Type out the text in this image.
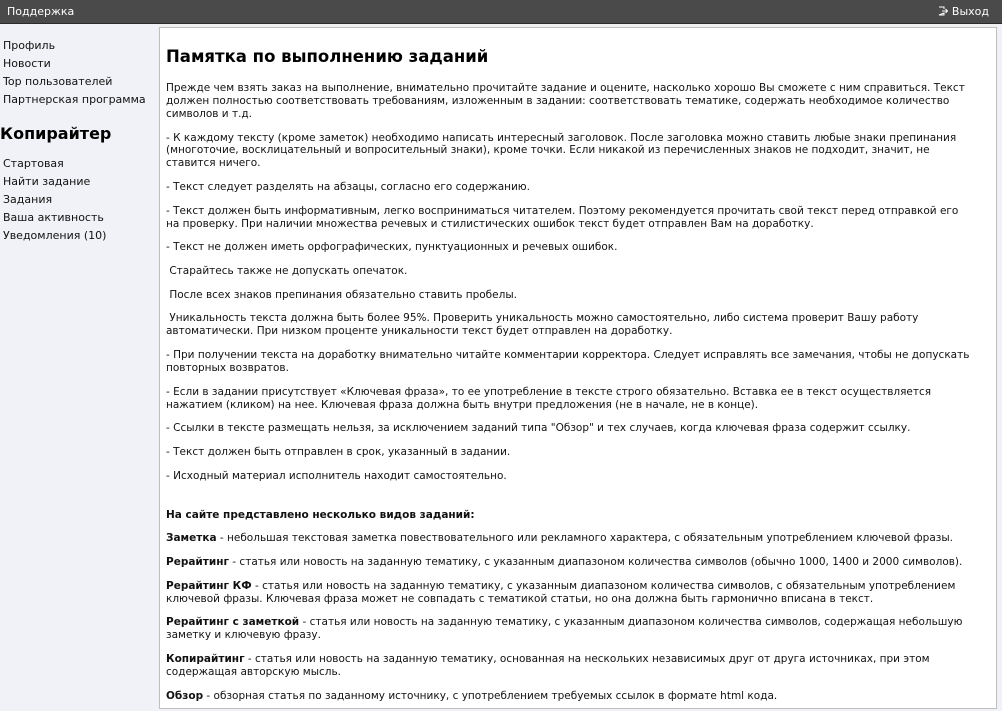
Поддержка	Выход
Профиль
Новости
Top пользователей
Партнерская программа
Копирайтер
Стартовая
Найти задание
Задания
Ваша активность
Уведомления (10)
Памятка по выполнению заданий

Прежде чем взять заказ на выполнение, внимательно прочитайте задание и оцените, насколько хорошо Вы сможете с ним справиться. Текст должен полностью соответствовать требованиям, изложенным в задании: соответствовать тематике, содержать необходимое количество символов и т.д.

- К каждому тексту (кроме заметок) необходимо написать интересный заголовок. После заголовка можно ставить любые знаки препинания (многоточие, восклицательный и вопросительный знаки), кроме точки. Если никакой из перечисленных знаков не подходит, значит, не ставится ничего.

- Текст следует разделять на абзацы, согласно его содержанию.

- Текст должен быть информативным, легко восприниматься читателем. Поэтому рекомендуется прочитать свой текст перед отправкой его на проверку. При наличии множества речевых и стилистических ошибок текст будет отправлен Вам на доработку.

- Текст не должен иметь орфографических, пунктуационных и речевых ошибок.

Старайтесь также не допускать опечаток.

После всех знаков препинания обязательно ставить пробелы.

Уникальность текста должна быть более 95%. Проверить уникальность можно самостоятельно, либо система проверит Вашу работу автоматически. При низком проценте уникальности текст будет отправлен на доработку.

- При получении текста на доработку внимательно читайте комментарии корректора. Следует исправлять все замечания, чтобы не допускать повторных возвратов.

- Если в задании присутствует «Ключевая фраза», то ее употребление в тексте строго обязательно. Вставка ее в текст осуществляется нажатием (кликом) на нее. Ключевая фраза должна быть внутри предложения (не в начале, не в конце).

- Ссылки в тексте размещать нельзя, за исключением заданий типа "Обзор" и тех случаев, когда ключевая фраза содержит ссылку.

- Текст должен быть отправлен в срок, указанный в задании.

- Исходный материал исполнитель находит самостоятельно.

На сайте представлено несколько видов заданий:

Заметка - небольшая текстовая заметка повествовательного или рекламного характера, с обязательным употреблением ключевой фразы.

Рерайтинг - статья или новость на заданную тематику, с указанным диапазоном количества символов (обычно 1000, 1400 и 2000 символов).

Рерайтинг КФ - статья или новость на заданную тематику, с указанным диапазоном количества символов, с обязательным употреблением ключевой фразы. Ключевая фраза может не совпадать с тематикой статьи, но она должна быть гармонично вписана в текст.

Рерайтинг с заметкой - статья или новость на заданную тематику, с указанным диапазоном количества символов, содержащая небольшую заметку и ключевую фразу.

Копирайтинг - статья или новость на заданную тематику, основанная на нескольких независимых друг от друга источниках, при этом содержащая авторскую мысль.

Обзор - обзорная статья по заданному источнику, с употреблением требуемых ссылок в формате html кода.
